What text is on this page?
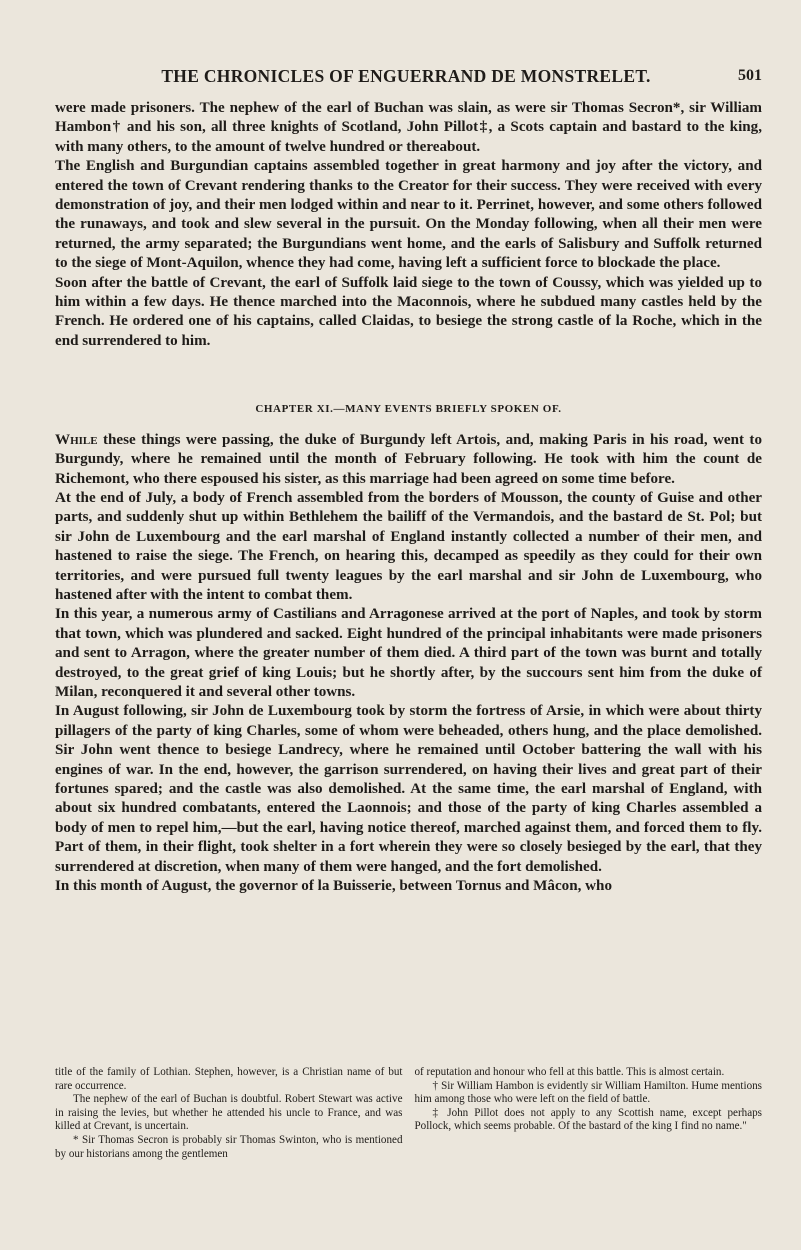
THE CHRONICLES OF ENGUERRAND DE MONSTRELET.	501

were made prisoners. The nephew of the earl of Buchan was slain, as were sir Thomas Secron*, sir William Hambon† and his son, all three knights of Scotland, John Pillot‡, a Scots captain and bastard to the king, with many others, to the amount of twelve hundred or thereabout.

The English and Burgundian captains assembled together in great harmony and joy after the victory, and entered the town of Crevant rendering thanks to the Creator for their success. They were received with every demonstration of joy, and their men lodged within and near to it. Perrinet, however, and some others followed the runaways, and took and slew several in the pursuit. On the Monday following, when all their men were returned, the army separated; the Burgundians went home, and the earls of Salisbury and Suffolk returned to the siege of Mont-Aquilon, whence they had come, having left a sufficient force to blockade the place.

Soon after the battle of Crevant, the earl of Suffolk laid siege to the town of Coussy, which was yielded up to him within a few days. He thence marched into the Maconnois, where he subdued many castles held by the French. He ordered one of his captains, called Claidas, to besiege the strong castle of la Roche, which in the end surrendered to him.

CHAPTER XI.—MANY EVENTS BRIEFLY SPOKEN OF.

While these things were passing, the duke of Burgundy left Artois, and, making Paris in his road, went to Burgundy, where he remained until the month of February following. He took with him the count de Richemont, who there espoused his sister, as this marriage had been agreed on some time before.

At the end of July, a body of French assembled from the borders of Mousson, the county of Guise and other parts, and suddenly shut up within Bethlehem the bailiff of the Vermandois, and the bastard de St. Pol; but sir John de Luxembourg and the earl marshal of England instantly collected a number of their men, and hastened to raise the siege. The French, on hearing this, decamped as speedily as they could for their own territories, and were pursued full twenty leagues by the earl marshal and sir John de Luxembourg, who hastened after with the intent to combat them.

In this year, a numerous army of Castilians and Arragonese arrived at the port of Naples, and took by storm that town, which was plundered and sacked. Eight hundred of the principal inhabitants were made prisoners and sent to Arragon, where the greater number of them died. A third part of the town was burnt and totally destroyed, to the great grief of king Louis; but he shortly after, by the succours sent him from the duke of Milan, reconquered it and several other towns.

In August following, sir John de Luxembourg took by storm the fortress of Arsie, in which were about thirty pillagers of the party of king Charles, some of whom were beheaded, others hung, and the place demolished. Sir John went thence to besiege Landrecy, where he remained until October battering the wall with his engines of war. In the end, however, the garrison surrendered, on having their lives and great part of their fortunes spared; and the castle was also demolished. At the same time, the earl marshal of England, with about six hundred combatants, entered the Laonnois; and those of the party of king Charles assembled a body of men to repel him,—but the earl, having notice thereof, marched against them, and forced them to fly. Part of them, in their flight, took shelter in a fort wherein they were so closely besieged by the earl, that they surrendered at discretion, when many of them were hanged, and the fort demolished.

In this month of August, the governor of la Buisserie, between Tornus and Mâcon, who

title of the family of Lothian. Stephen, however, is a Christian name of but rare occurrence.

The nephew of the earl of Buchan is doubtful. Robert Stewart was active in raising the levies, but whether he attended his uncle to France, and was killed at Crevant, is uncertain.

* Sir Thomas Secron is probably sir Thomas Swinton, who is mentioned by our historians among the gentlemen

of reputation and honour who fell at this battle. This is almost certain.

† Sir William Hambon is evidently sir William Hamilton. Hume mentions him among those who were left on the field of battle.

‡ John Pillot does not apply to any Scottish name, except perhaps Pollock, which seems probable. Of the bastard of the king I find no name."
